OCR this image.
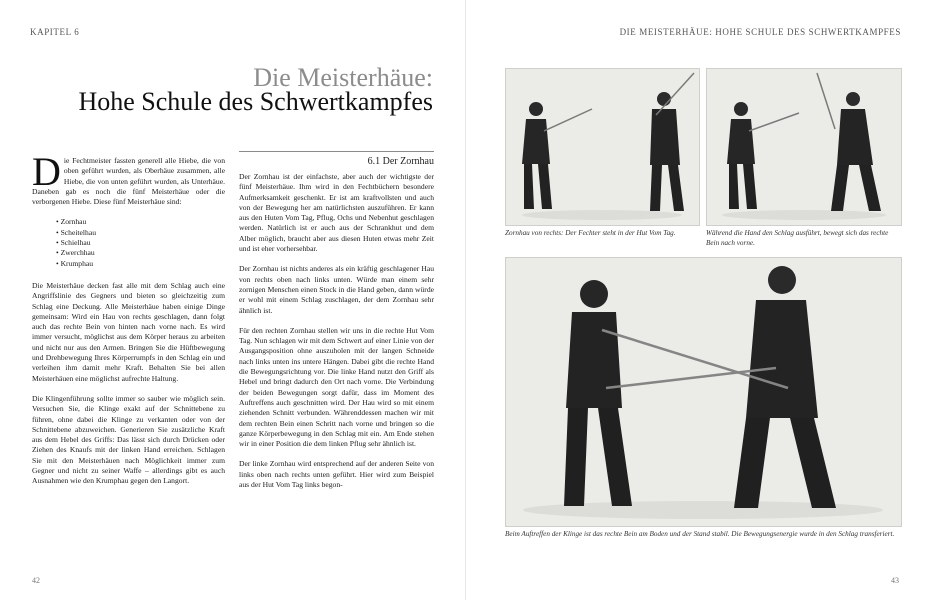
KAPITEL 6	DIE MEISTERHÄUE: HOHE SCHULE DES SCHWERTKAMPFES
Die Meisterhäue:
Hohe Schule des Schwertkampfes

D ie Fechtmeister fassten generell alle Hiebe, die von oben geführt wurden, als Oberhäue zusammen, alle Hiebe, die von unten geführt wurden, als Unterhäue. Daneben gab es noch die fünf Meisterhäue oder die verborgenen Hiebe. Diese fünf Meisterhäue sind:

• Zornhau
• Scheitelhau
• Schielhau
• Zwerchhau
• Krumphau

Die Meisterhäue decken fast alle mit dem Schlag auch eine Angriffslinie des Gegners und bieten so gleichzeitig zum Schlag eine Deckung. Alle Meisterhäue haben einige Dinge gemeinsam: Wird ein Hau von rechts geschlagen, dann folgt auch das rechte Bein von hinten nach vorne nach. Es wird immer versucht, möglichst aus dem Körper heraus zu arbeiten und nicht nur aus den Armen. Bringen Sie die Hüftbewegung und Drehbewegung Ihres Körperrumpfs in den Schlag ein und verleihen ihm damit mehr Kraft. Behalten Sie bei allen Meisterhäuen eine möglichst aufrechte Haltung.

Die Klingenführung sollte immer so sauber wie möglich sein. Versuchen Sie, die Klinge exakt auf der Schnittebene zu führen, ohne dabei die Klinge zu verkanten oder von der Schnittebene abzuweichen. Generieren Sie zusätzliche Kraft aus dem Hebel des Griffs: Das lässt sich durch Drücken oder Ziehen des Knaufs mit der linken Hand erreichen. Schlagen Sie mit den Meisterhäuen nach Möglichkeit immer zum Gegner und nicht zu seiner Waffe – allerdings gibt es auch Ausnahmen wie den Krumphau gegen den Langort.

6.1 Der Zornhau

Der Zornhau ist der einfachste, aber auch der wichtigste der fünf Meisterhäue. Ihm wird in den Fechtbüchern besondere Aufmerksamkeit geschenkt. Er ist am kraftvollsten und auch von der Bewegung her am natürlichsten auszuführen. Er kann aus den Huten Vom Tag, Pflug, Ochs und Nebenhut geschlagen werden. Natürlich ist er auch aus der Schrankhut und dem Alber möglich, braucht aber aus diesen Huten etwas mehr Zeit und ist eher vorhersehbar.

Der Zornhau ist nichts anderes als ein kräftig geschlagener Hau von rechts oben nach links unten. Würde man einem sehr zornigen Menschen einen Stock in die Hand geben, dann würde er wohl mit einem Schlag zuschlagen, der dem Zornhau sehr ähnlich ist.

Für den rechten Zornhau stellen wir uns in die rechte Hut Vom Tag. Nun schlagen wir mit dem Schwert auf einer Linie von der Ausgangsposition ohne auszuholen mit der langen Schneide nach links unten ins untere Hängen. Dabei gibt die rechte Hand die Bewegungsrichtung vor. Die linke Hand nutzt den Griff als Hebel und bringt dadurch den Ort nach vorne. Die Verbindung der beiden Bewegungen sorgt dafür, dass im Moment des Auftreffens auch geschnitten wird. Der Hau wird so mit einem ziehenden Schnitt verbunden. Währenddessen machen wir mit dem rechten Bein einen Schritt nach vorne und bringen so die ganze Körperbewegung in den Schlag mit ein. Am Ende stehen wir in einer Position die dem linken Pflug sehr ähnlich ist.

Der linke Zornhau wird entsprechend auf der anderen Seite von links oben nach rechts unten geführt. Hier wird zum Beispiel aus der Hut Vom Tag links begon-

Zornhau von rechts: Der Fechter steht in der Hut Vom Tag.	Während die Hand den Schlag ausführt, bewegt sich das rechte Bein nach vorne.
Beim Auftreffen der Klinge ist das rechte Bein am Boden und der Stand stabil. Die Bewegungsenergie wurde in den Schlag transferiert.
42	43
